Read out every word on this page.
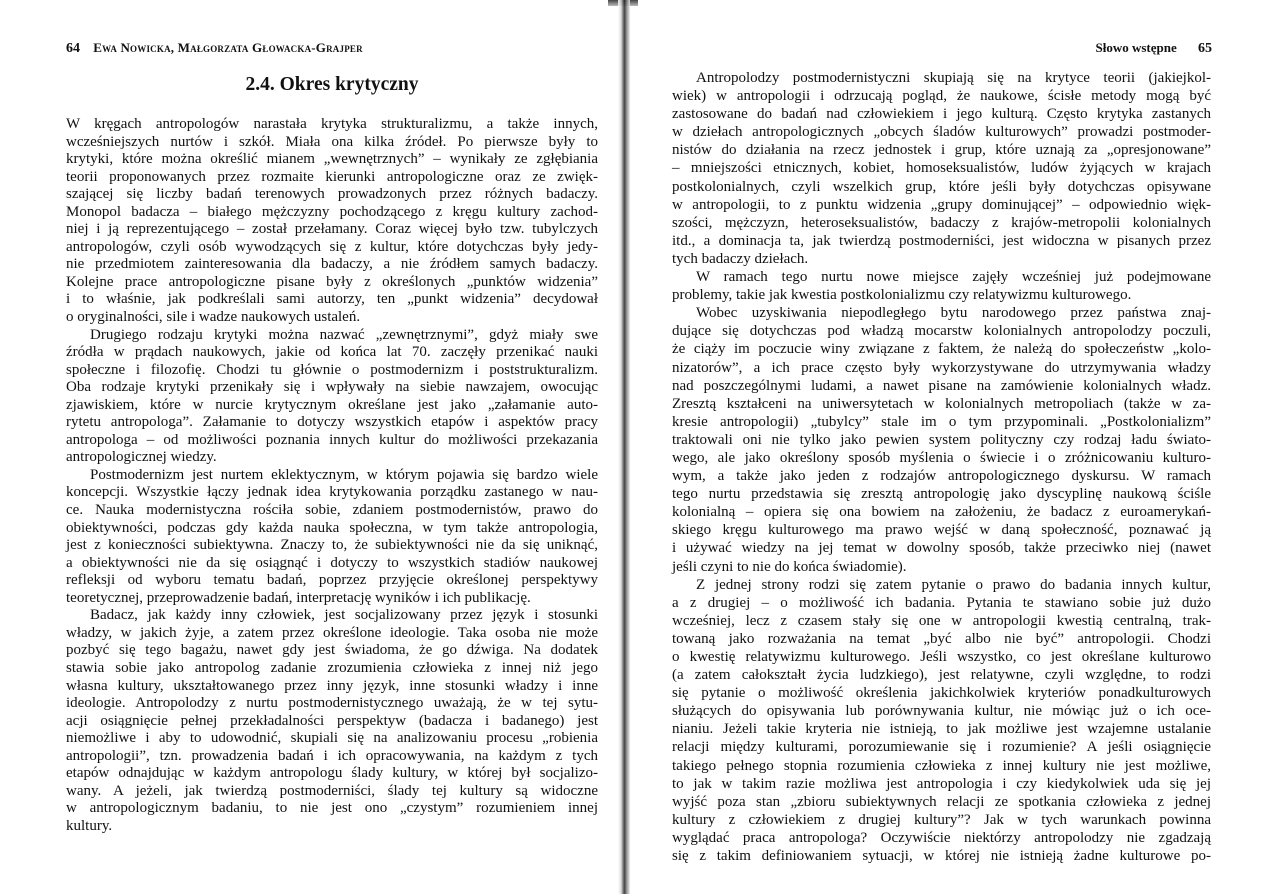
64 Ewa Nowicka, Małgorzata Głowacka-Grajper	Słowo wstępne 65
2.4. Okres krytyczny
W kręgach antropologów narastała krytyka strukturalizmu, a także innych,
wcześniejszych nurtów i szkół. Miała ona kilka źródeł. Po pierwsze były to
krytyki, które można określić mianem „wewnętrznych” – wynikały ze zgłębiania
teorii proponowanych przez rozmaite kierunki antropologiczne oraz ze zwięk-
szającej się liczby badań terenowych prowadzonych przez różnych badaczy.
Monopol badacza – białego mężczyzny pochodzącego z kręgu kultury zachod-
niej i ją reprezentującego – został przełamany. Coraz więcej było tzw. tubylczych
antropologów, czyli osób wywodzących się z kultur, które dotychczas były jedy-
nie przedmiotem zainteresowania dla badaczy, a nie źródłem samych badaczy.
Kolejne prace antropologiczne pisane były z określonych „punktów widzenia”
i to właśnie, jak podkreślali sami autorzy, ten „punkt widzenia” decydował
o oryginalności, sile i wadze naukowych ustaleń.
Drugiego rodzaju krytyki można nazwać „zewnętrznymi”, gdyż miały swe
źródła w prądach naukowych, jakie od końca lat 70. zaczęły przenikać nauki
społeczne i filozofię. Chodzi tu głównie o postmodernizm i poststrukturalizm.
Oba rodzaje krytyki przenikały się i wpływały na siebie nawzajem, owocując
zjawiskiem, które w nurcie krytycznym określane jest jako „załamanie auto-
rytetu antropologa”. Załamanie to dotyczy wszystkich etapów i aspektów pracy
antropologa – od możliwości poznania innych kultur do możliwości przekazania
antropologicznej wiedzy.
Postmodernizm jest nurtem eklektycznym, w którym pojawia się bardzo wiele
koncepcji. Wszystkie łączy jednak idea krytykowania porządku zastanego w nau-
ce. Nauka modernistyczna rościła sobie, zdaniem postmodernistów, prawo do
obiektywności, podczas gdy każda nauka społeczna, w tym także antropologia,
jest z konieczności subiektywna. Znaczy to, że subiektywności nie da się uniknąć,
a obiektywności nie da się osiągnąć i dotyczy to wszystkich stadiów naukowej
refleksji od wyboru tematu badań, poprzez przyjęcie określonej perspektywy
teoretycznej, przeprowadzenie badań, interpretację wyników i ich publikację.
Badacz, jak każdy inny człowiek, jest socjalizowany przez język i stosunki
władzy, w jakich żyje, a zatem przez określone ideologie. Taka osoba nie może
pozbyć się tego bagażu, nawet gdy jest świadoma, że go dźwiga. Na dodatek
stawia sobie jako antropolog zadanie zrozumienia człowieka z innej niż jego
własna kultury, ukształtowanego przez inny język, inne stosunki władzy i inne
ideologie. Antropolodzy z nurtu postmodernistycznego uważają, że w tej sytu-
acji osiągnięcie pełnej przekładalności perspektyw (badacza i badanego) jest
niemożliwe i aby to udowodnić, skupiali się na analizowaniu procesu „robienia
antropologii”, tzn. prowadzenia badań i ich opracowywania, na każdym z tych
etapów odnajdując w każdym antropologu ślady kultury, w której był socjalizo-
wany. A jeżeli, jak twierdzą postmoderniści, ślady tej kultury są widoczne
w antropologicznym badaniu, to nie jest ono „czystym” rozumieniem innej
kultury.
Antropolodzy postmodernistyczni skupiają się na krytyce teorii (jakiejkol-
wiek) w antropologii i odrzucają pogląd, że naukowe, ścisłe metody mogą być
zastosowane do badań nad człowiekiem i jego kulturą. Często krytyka zastanych
w dziełach antropologicznych „obcych śladów kulturowych” prowadzi postmoder-
nistów do działania na rzecz jednostek i grup, które uznają za „opresjonowane”
– mniejszości etnicznych, kobiet, homoseksualistów, ludów żyjących w krajach
postkolonialnych, czyli wszelkich grup, które jeśli były dotychczas opisywane
w antropologii, to z punktu widzenia „grupy dominującej” – odpowiednio więk-
szości, mężczyzn, heteroseksualistów, badaczy z krajów-metropolii kolonialnych
itd., a dominacja ta, jak twierdzą postmoderniści, jest widoczna w pisanych przez
tych badaczy dziełach.
W ramach tego nurtu nowe miejsce zajęły wcześniej już podejmowane
problemy, takie jak kwestia postkolonializmu czy relatywizmu kulturowego.
Wobec uzyskiwania niepodległego bytu narodowego przez państwa znaj-
dujące się dotychczas pod władzą mocarstw kolonialnych antropolodzy poczuli,
że ciąży im poczucie winy związane z faktem, że należą do społeczeństw „kolo-
nizatorów”, a ich prace często były wykorzystywane do utrzymywania władzy
nad poszczególnymi ludami, a nawet pisane na zamówienie kolonialnych władz.
Zresztą kształceni na uniwersytetach w kolonialnych metropoliach (także w za-
kresie antropologii) „tubylcy” stale im o tym przypominali. „Postkolonializm”
traktowali oni nie tylko jako pewien system polityczny czy rodzaj ładu świato-
wego, ale jako określony sposób myślenia o świecie i o zróżnicowaniu kulturo-
wym, a także jako jeden z rodzajów antropologicznego dyskursu. W ramach
tego nurtu przedstawia się zresztą antropologię jako dyscyplinę naukową ściśle
kolonialną – opiera się ona bowiem na założeniu, że badacz z euroamerykań-
skiego kręgu kulturowego ma prawo wejść w daną społeczność, poznawać ją
i używać wiedzy na jej temat w dowolny sposób, także przeciwko niej (nawet
jeśli czyni to nie do końca świadomie).
Z jednej strony rodzi się zatem pytanie o prawo do badania innych kultur,
a z drugiej – o możliwość ich badania. Pytania te stawiano sobie już dużo
wcześniej, lecz z czasem stały się one w antropologii kwestią centralną, trak-
towaną jako rozważania na temat „być albo nie być” antropologii. Chodzi
o kwestię relatywizmu kulturowego. Jeśli wszystko, co jest określane kulturowo
(a zatem całokształt życia ludzkiego), jest relatywne, czyli względne, to rodzi
się pytanie o możliwość określenia jakichkolwiek kryteriów ponadkulturowych
służących do opisywania lub porównywania kultur, nie mówiąc już o ich oce-
nianiu. Jeżeli takie kryteria nie istnieją, to jak możliwe jest wzajemne ustalanie
relacji między kulturami, porozumiewanie się i rozumienie? A jeśli osiągnięcie
takiego pełnego stopnia rozumienia człowieka z innej kultury nie jest możliwe,
to jak w takim razie możliwa jest antropologia i czy kiedykolwiek uda się jej
wyjść poza stan „zbioru subiektywnych relacji ze spotkania człowieka z jednej
kultury z człowiekiem z drugiej kultury”? Jak w tych warunkach powinna
wyglądać praca antropologa? Oczywiście niektórzy antropolodzy nie zgadzają
się z takim definiowaniem sytuacji, w której nie istnieją żadne kulturowe po-
